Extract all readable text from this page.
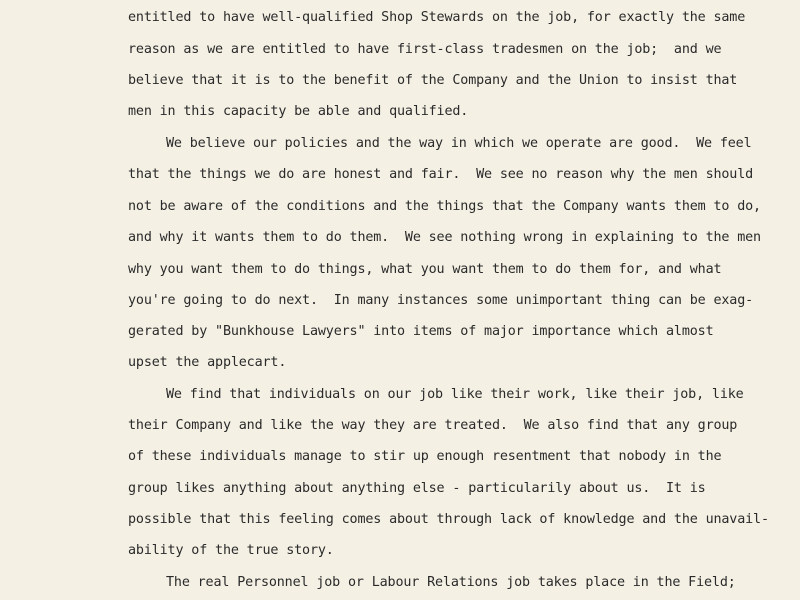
entitled to have well-qualified Shop Stewards on the job, for exactly the same

reason as we are entitled to have first-class tradesmen on the job;  and we

believe that it is to the benefit of the Company and the Union to insist that

men in this capacity be able and qualified.

We believe our policies and the way in which we operate are good.  We feel

that the things we do are honest and fair.  We see no reason why the men should

not be aware of the conditions and the things that the Company wants them to do,

and why it wants them to do them.  We see nothing wrong in explaining to the men

why you want them to do things, what you want them to do them for, and what

you're going to do next.  In many instances some unimportant thing can be exag-

gerated by "Bunkhouse Lawyers" into items of major importance which almost

upset the applecart.

We find that individuals on our job like their work, like their job, like

their Company and like the way they are treated.  We also find that any group

of these individuals manage to stir up enough resentment that nobody in the

group likes anything about anything else - particularily about us.  It is

possible that this feeling comes about through lack of knowledge and the unavail-

ability of the true story.

The real Personnel job or Labour Relations job takes place in the Field;
